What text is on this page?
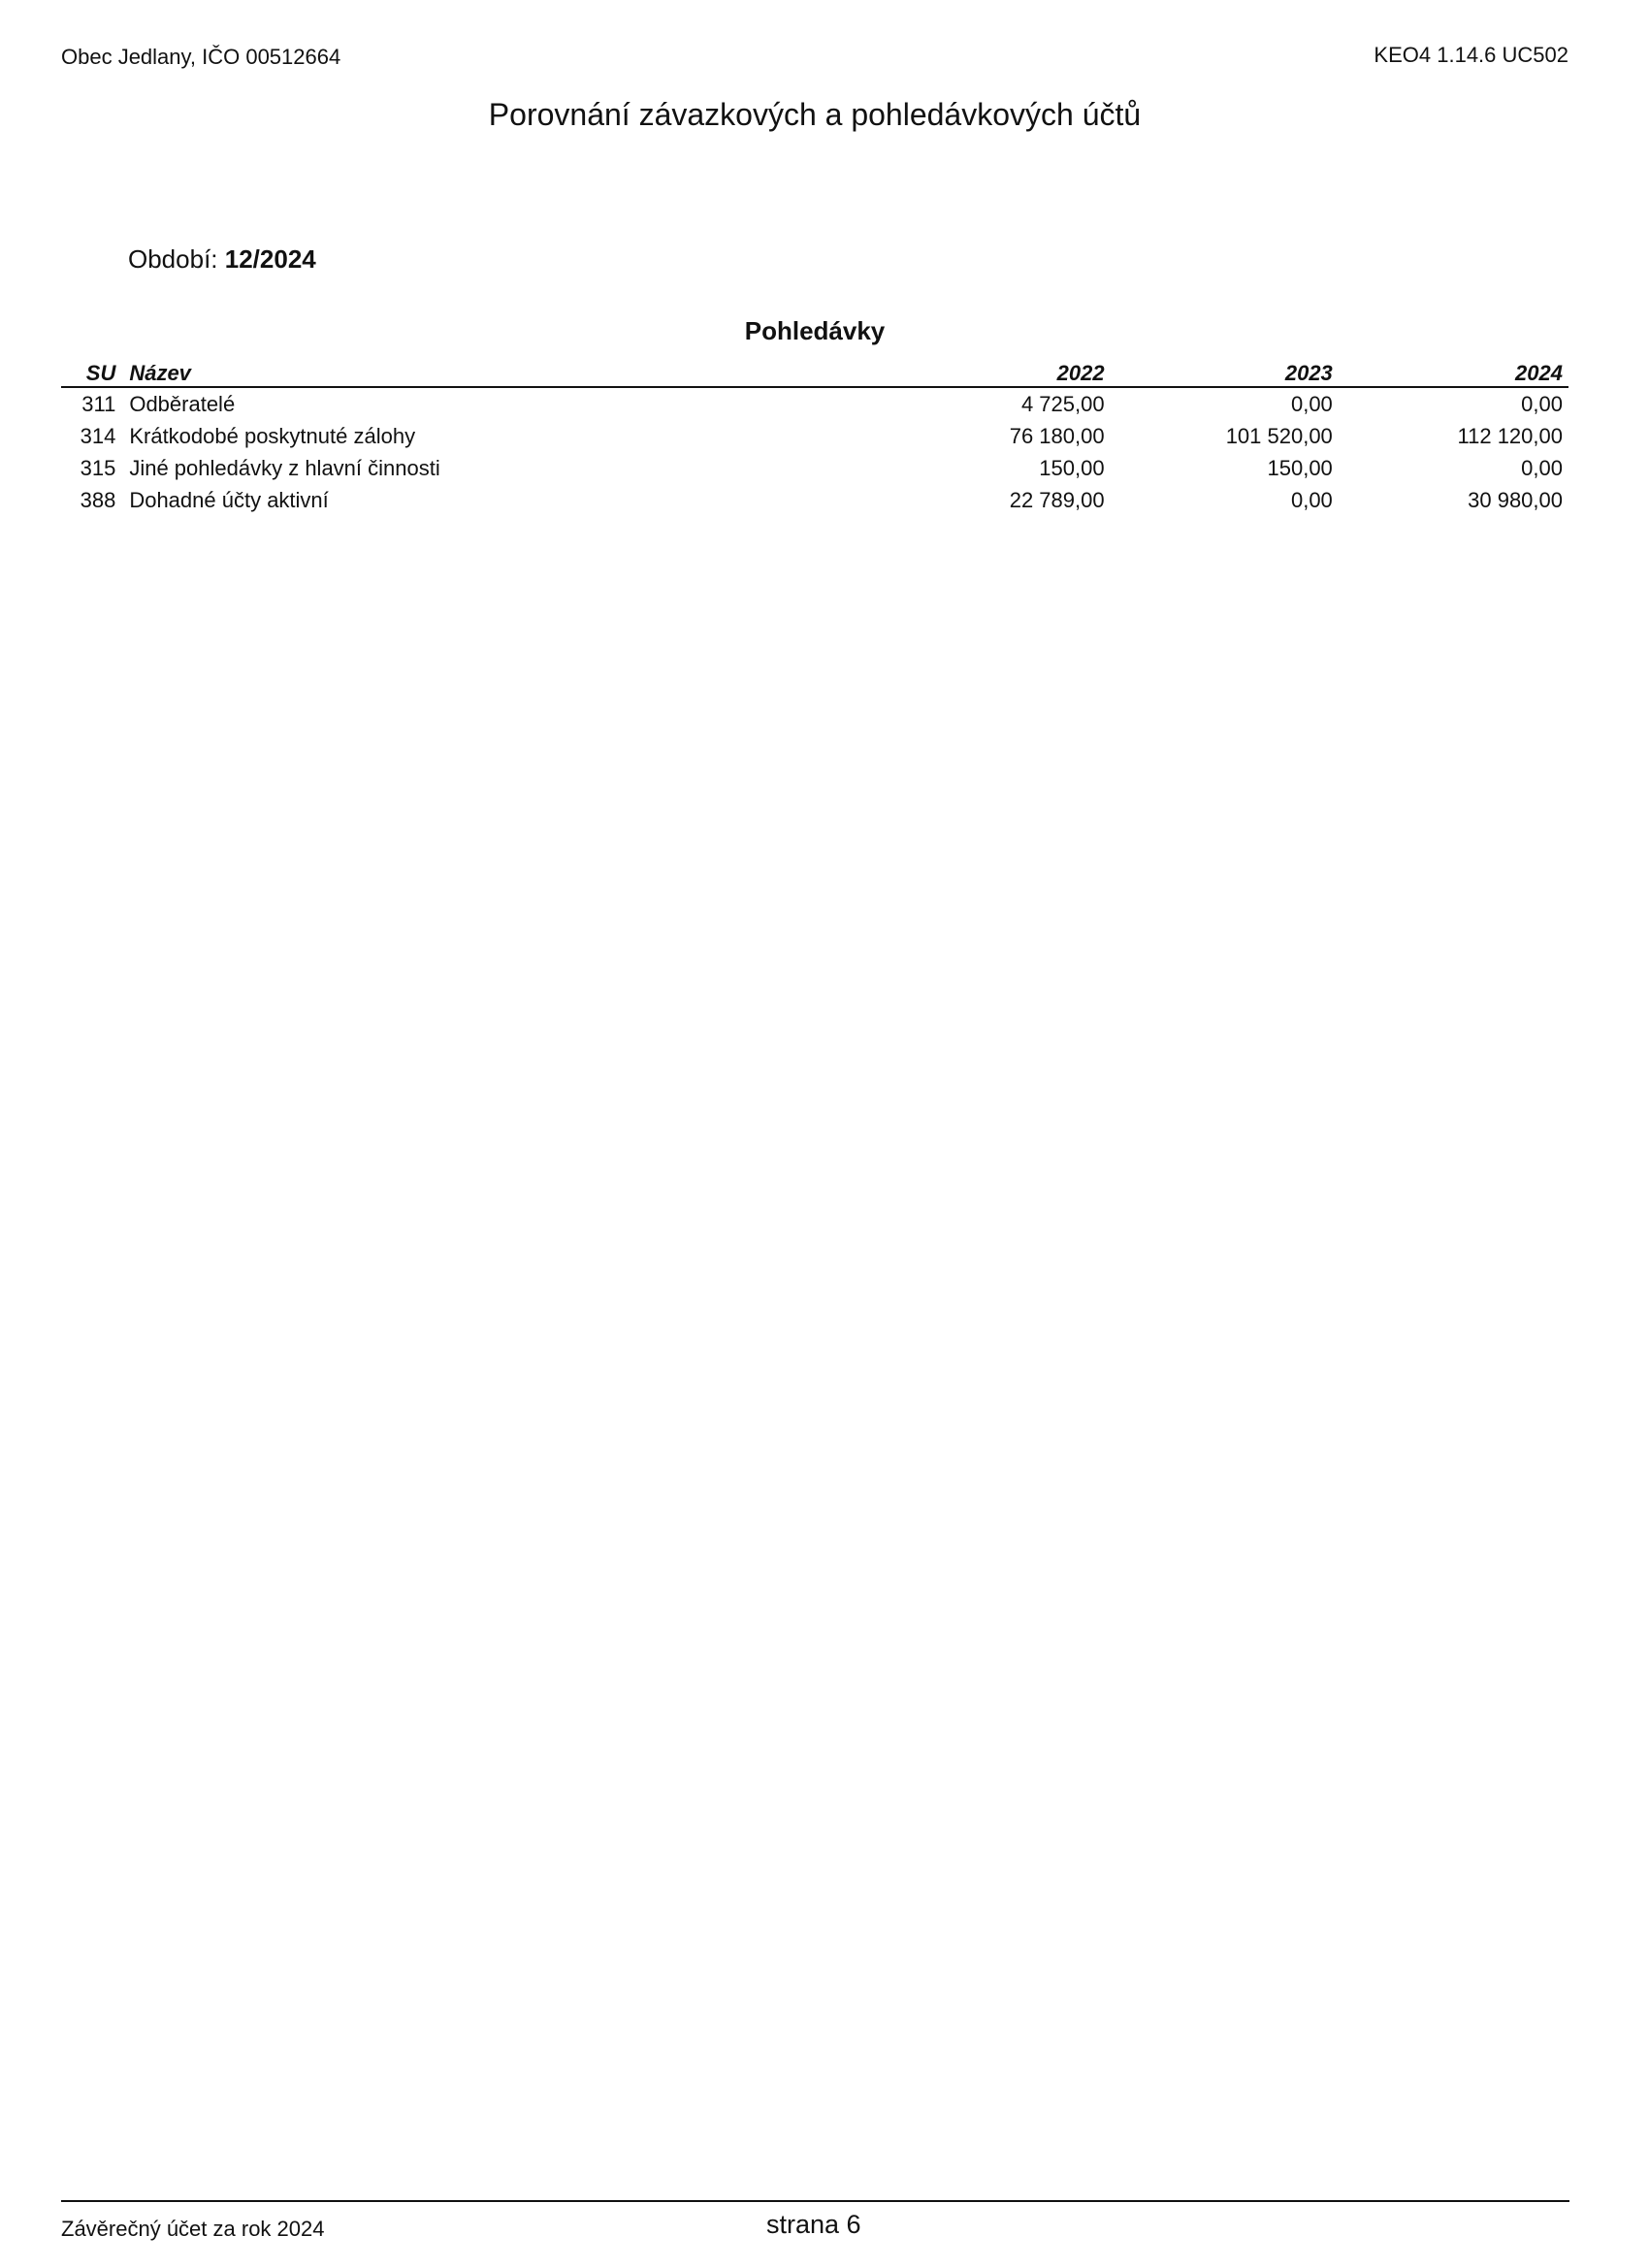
Obec Jedlany, IČO 00512664	KEO4 1.14.6 UC502
Porovnání závazkových a pohledávkových účtů
Období: 12/2024
Pohledávky
SU	Název	2022	2023	2024
311	Odběratelé	4 725,00	0,00	0,00
314	Krátkodobé poskytnuté zálohy	76 180,00	101 520,00	112 120,00
315	Jiné pohledávky z hlavní činnosti	150,00	150,00	0,00
388	Dohadné účty aktivní	22 789,00	0,00	30 980,00
Závěrečný účet za rok 2024	strana 6
